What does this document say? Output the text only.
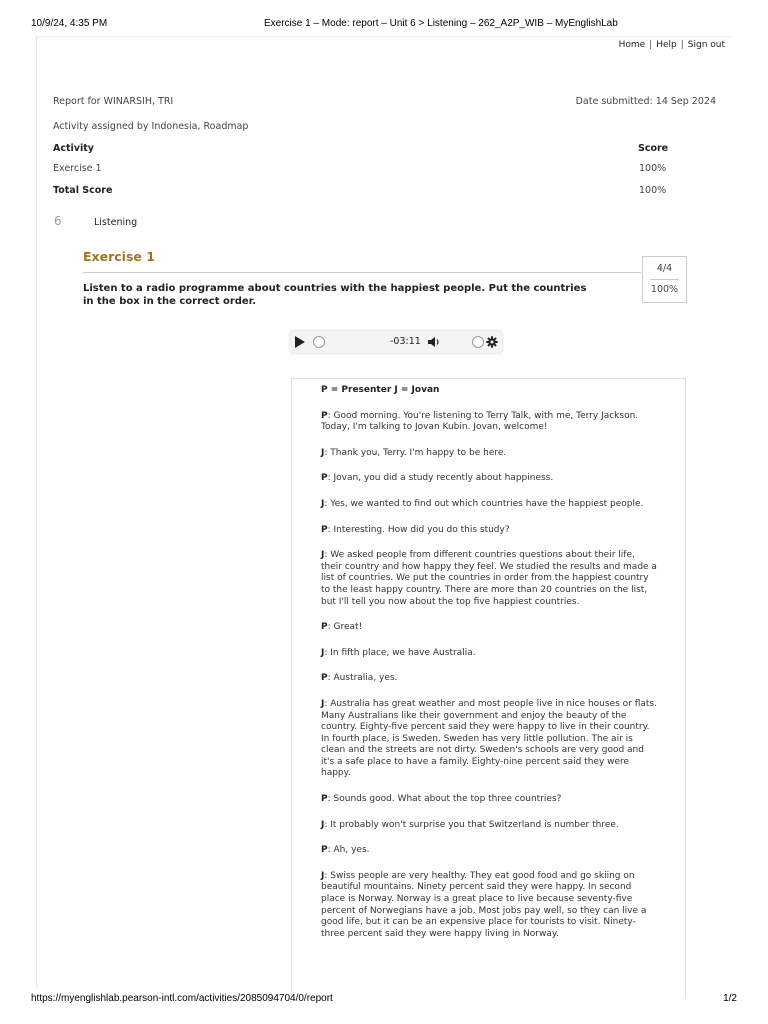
10/9/24, 4:35 PM	Exercise 1 – Mode: report – Unit 6 > Listening – 262_A2P_WIB – MyEnglishLab
Home | Help | Sign out
Report for WINARSIH, TRI	Date submitted: 14 Sep 2024
Activity assigned by Indonesia, Roadmap
Activity	Score
Exercise 1	100%
Total Score	100%
6	Listening
Exercise 1
4/4
100%
Listen to a radio programme about countries with the happiest people. Put the countries in the box in the correct order.
-03:11
P = Presenter J = Jovan

P: Good morning. You're listening to Terry Talk, with me, Terry Jackson. Today, I'm talking to Jovan Kubin. Jovan, welcome!

J: Thank you, Terry. I'm happy to be here.

P: Jovan, you did a study recently about happiness.

J: Yes, we wanted to find out which countries have the happiest people.

P: Interesting. How did you do this study?

J: We asked people from different countries questions about their life, their country and how happy they feel. We studied the results and made a list of countries. We put the countries in order from the happiest country to the least happy country. There are more than 20 countries on the list, but I'll tell you now about the top five happiest countries.

P: Great!

J: In fifth place, we have Australia.

P: Australia, yes.

J: Australia has great weather and most people live in nice houses or flats. Many Australians like their government and enjoy the beauty of the country. Eighty-five percent said they were happy to live in their country. In fourth place, is Sweden. Sweden has very little pollution. The air is clean and the streets are not dirty. Sweden's schools are very good and it's a safe place to have a family. Eighty-nine percent said they were happy.

P: Sounds good. What about the top three countries?

J: It probably won't surprise you that Switzerland is number three.

P: Ah, yes.

J: Swiss people are very healthy. They eat good food and go skiing on beautiful mountains. Ninety percent said they were happy. In second place is Norway. Norway is a great place to live because seventy-five percent of Norwegians have a job. Most jobs pay well, so they can live a good life, but it can be an expensive place for tourists to visit. Ninety-three percent said they were happy living in Norway.

https://myenglishlab.pearson-intl.com/activities/2085094704/0/report	1/2
